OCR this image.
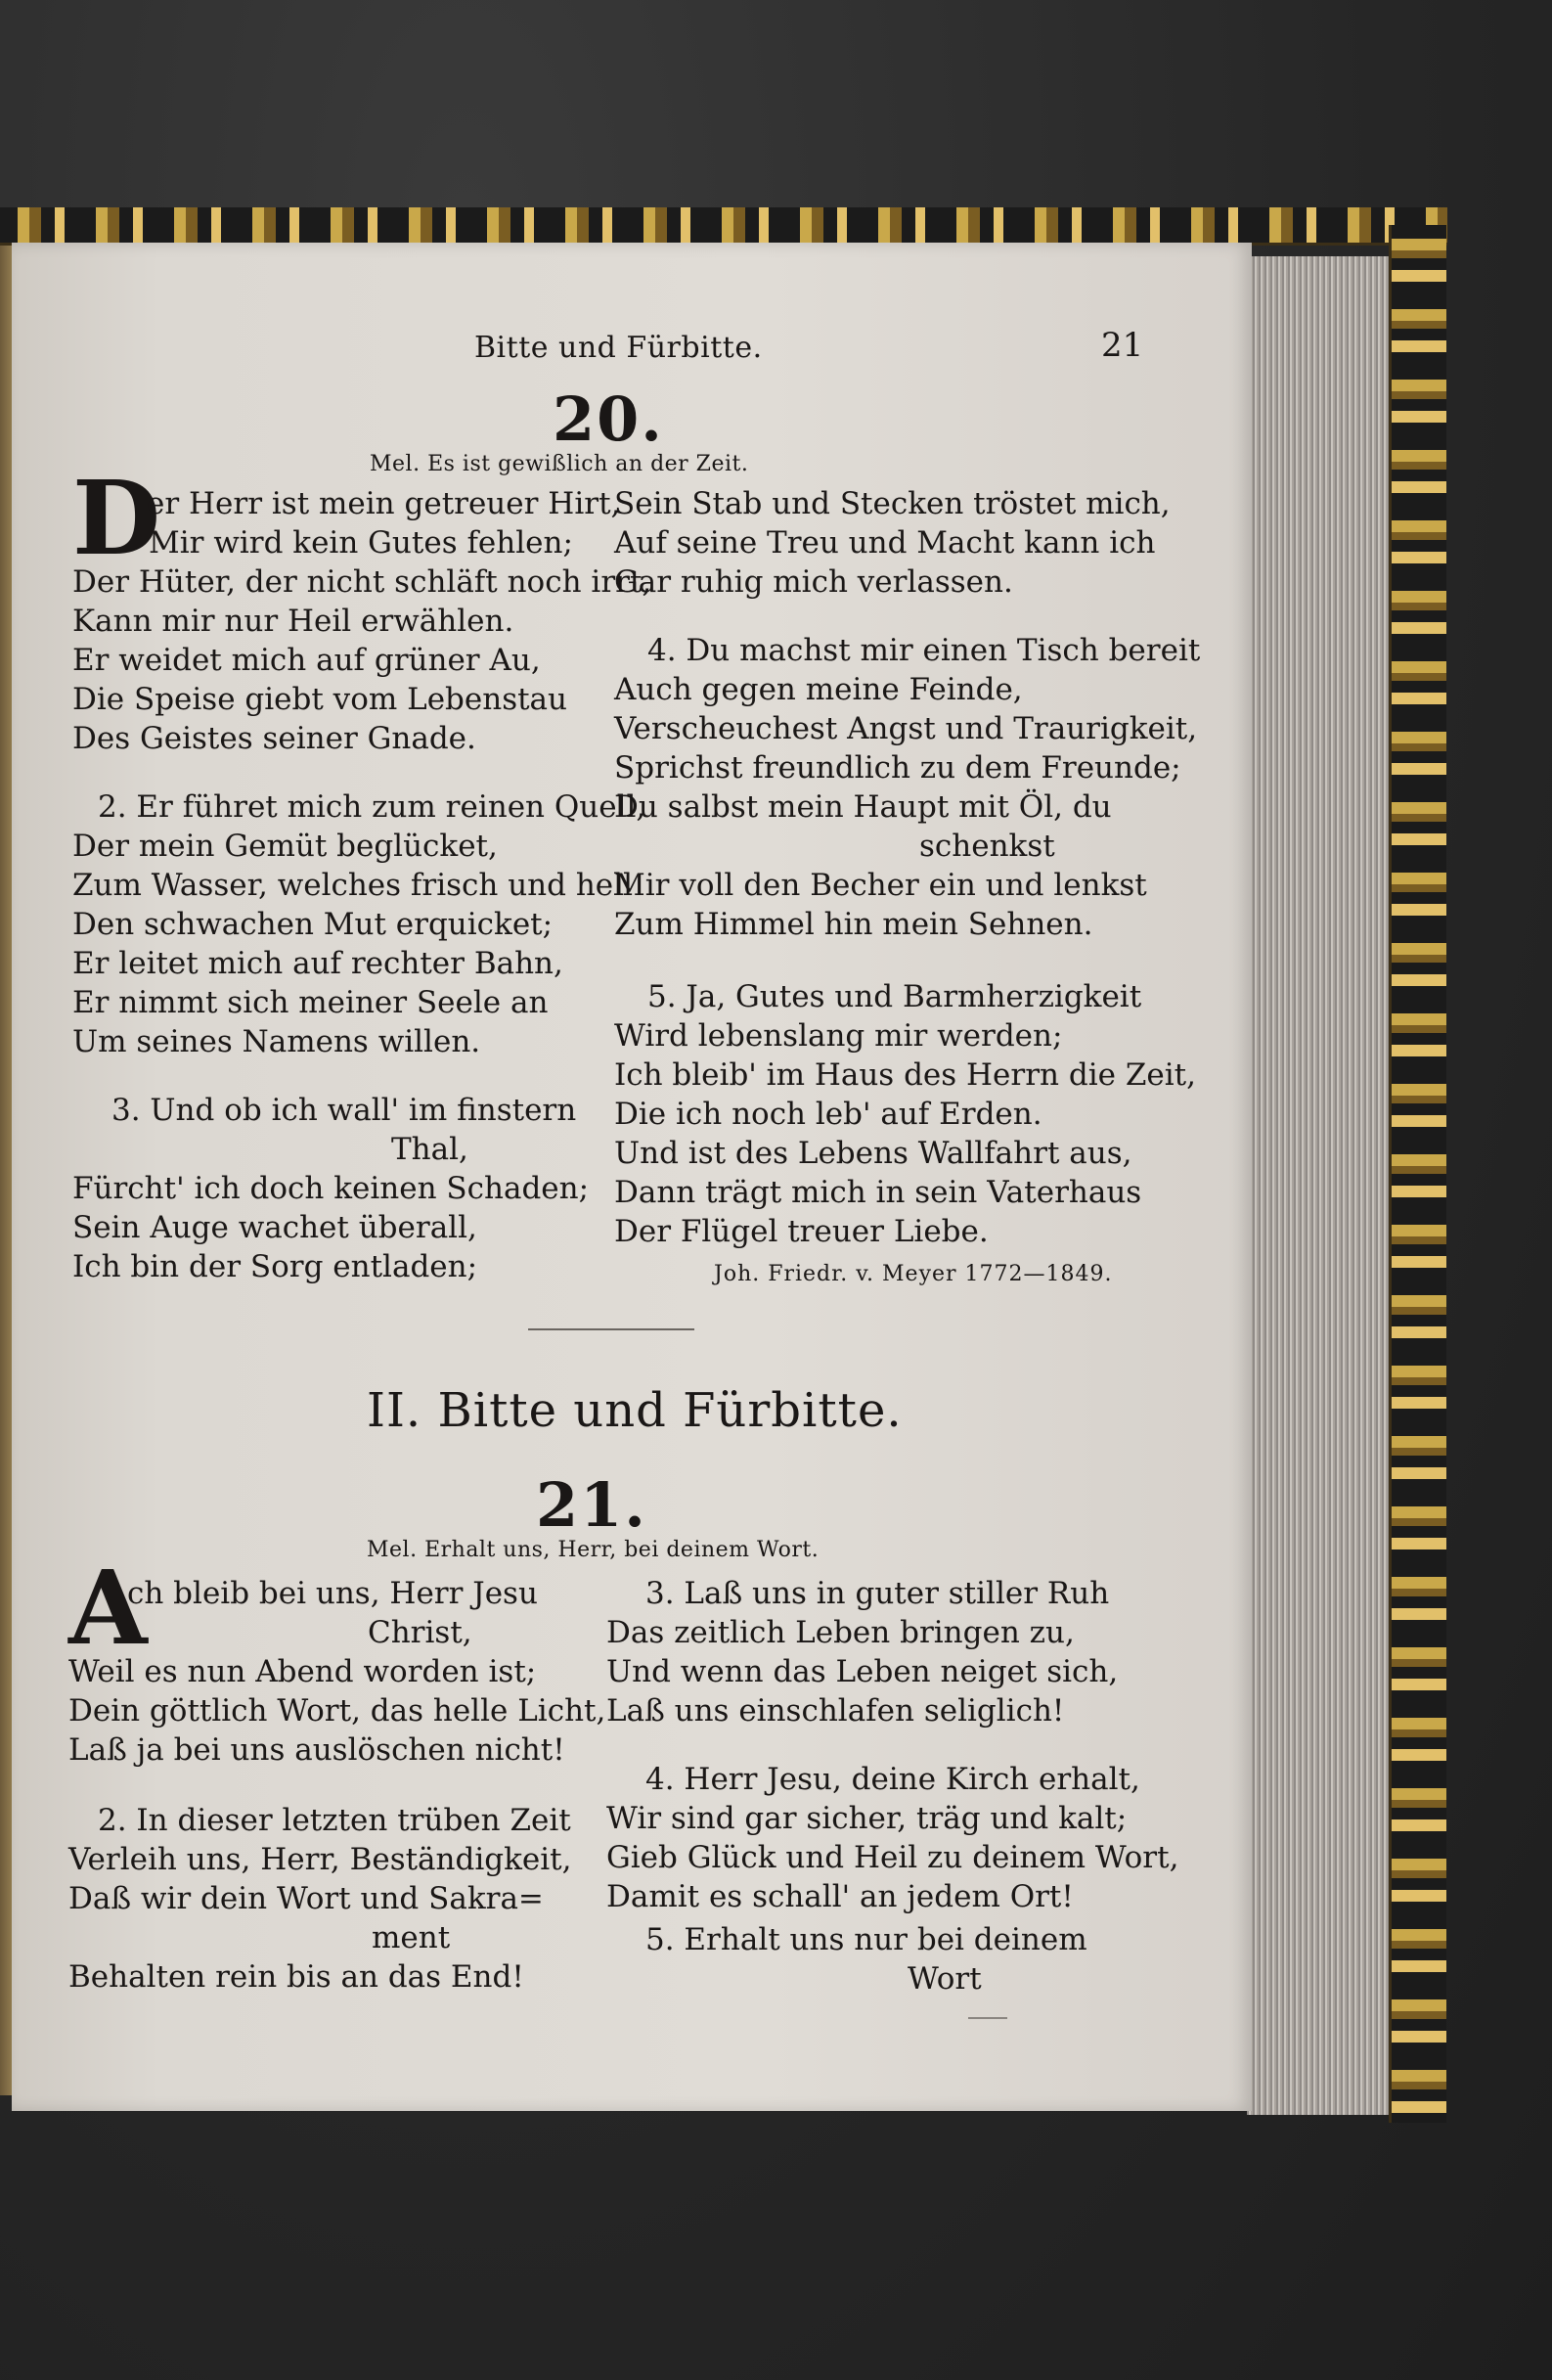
Bitte und Fürbitte.	21
20.
Mel. Es ist gewißlich an der Zeit.
D
er Herr ist mein getreuer Hirt,
Mir wird kein Gutes fehlen;
Der Hüter, der nicht schläft noch irrt,
Kann mir nur Heil erwählen.
Er weidet mich auf grüner Au,
Die Speise giebt vom Lebenstau
Des Geistes seiner Gnade.
2. Er führet mich zum reinen Quell,
Der mein Gemüt beglücket,
Zum Wasser, welches frisch und hell
Den schwachen Mut erquicket;
Er leitet mich auf rechter Bahn,
Er nimmt sich meiner Seele an
Um seines Namens willen.
3. Und ob ich wall' im finstern
Thal,
Fürcht' ich doch keinen Schaden;
Sein Auge wachet überall,
Ich bin der Sorg entladen;
Sein Stab und Stecken tröstet mich,
Auf seine Treu und Macht kann ich
Gar ruhig mich verlassen.
4. Du machst mir einen Tisch bereit
Auch gegen meine Feinde,
Verscheuchest Angst und Traurigkeit,
Sprichst freundlich zu dem Freunde;
Du salbst mein Haupt mit Öl, du
schenkst
Mir voll den Becher ein und lenkst
Zum Himmel hin mein Sehnen.
5. Ja, Gutes und Barmherzigkeit
Wird lebenslang mir werden;
Ich bleib' im Haus des Herrn die Zeit,
Die ich noch leb' auf Erden.
Und ist des Lebens Wallfahrt aus,
Dann trägt mich in sein Vaterhaus
Der Flügel treuer Liebe.
Joh. Friedr. v. Meyer 1772—1849.
II. Bitte und Fürbitte.
21.
Mel. Erhalt uns, Herr, bei deinem Wort.
A
ch bleib bei uns, Herr Jesu
Christ,
Weil es nun Abend worden ist;
Dein göttlich Wort, das helle Licht,
Laß ja bei uns auslöschen nicht!
2. In dieser letzten trüben Zeit
Verleih uns, Herr, Beständigkeit,
Daß wir dein Wort und Sakra=
ment
Behalten rein bis an das End!
3. Laß uns in guter stiller Ruh
Das zeitlich Leben bringen zu,
Und wenn das Leben neiget sich,
Laß uns einschlafen seliglich!
4. Herr Jesu, deine Kirch erhalt,
Wir sind gar sicher, träg und kalt;
Gieb Glück und Heil zu deinem Wort,
Damit es schall' an jedem Ort!
5. Erhalt uns nur bei deinem
Wort
